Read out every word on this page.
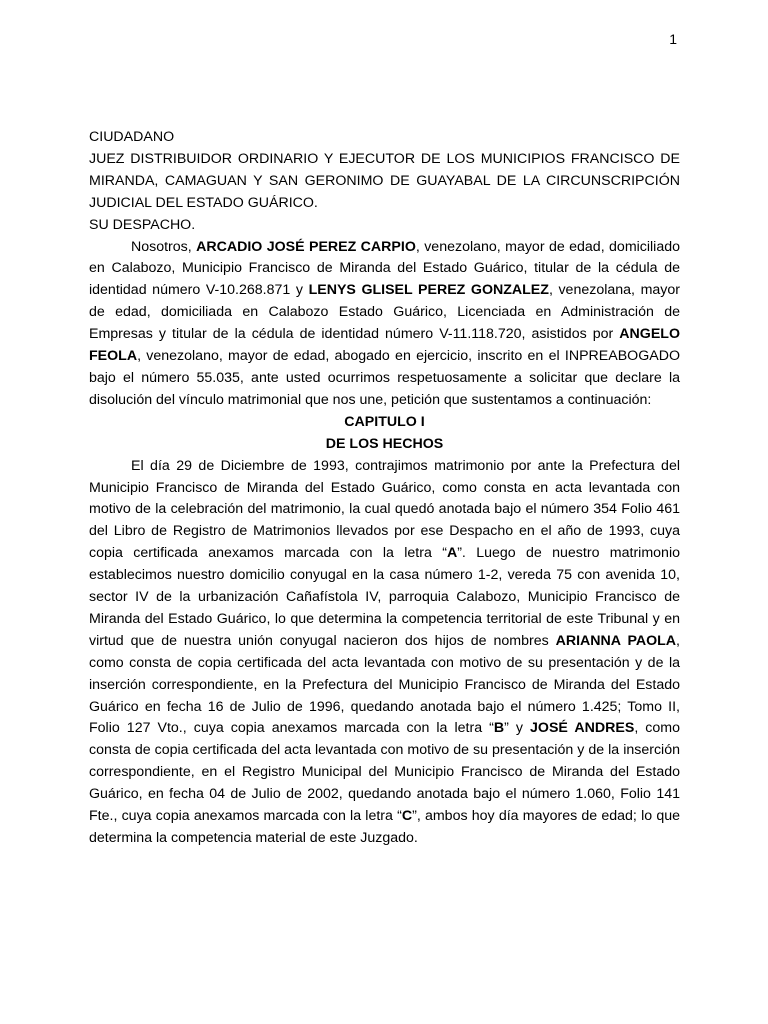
1

CIUDADANO

JUEZ DISTRIBUIDOR ORDINARIO Y EJECUTOR DE LOS MUNICIPIOS FRANCISCO DE MIRANDA, CAMAGUAN Y SAN GERONIMO DE GUAYABAL DE LA CIRCUNSCRIPCIÓN JUDICIAL DEL ESTADO GUÁRICO.

SU DESPACHO.

Nosotros, ARCADIO JOSÉ PEREZ CARPIO, venezolano, mayor de edad, domiciliado en Calabozo, Municipio Francisco de Miranda del Estado Guárico, titular de la cédula de identidad número V-10.268.871 y LENYS GLISEL PEREZ GONZALEZ, venezolana, mayor de edad, domiciliada en Calabozo Estado Guárico, Licenciada en Administración de Empresas y titular de la cédula de identidad número V-11.118.720, asistidos por ANGELO FEOLA, venezolano, mayor de edad, abogado en ejercicio, inscrito en el INPREABOGADO bajo el número 55.035, ante usted ocurrimos respetuosamente a solicitar que declare la disolución del vínculo matrimonial que nos une, petición que sustentamos a continuación:

CAPITULO I
DE LOS HECHOS

El día 29 de Diciembre de 1993, contrajimos matrimonio por ante la Prefectura del Municipio Francisco de Miranda del Estado Guárico, como consta en acta levantada con motivo de la celebración del matrimonio, la cual quedó anotada bajo el número 354 Folio 461 del Libro de Registro de Matrimonios llevados por ese Despacho en el año de 1993, cuya copia certificada anexamos marcada con la letra “A”. Luego de nuestro matrimonio establecimos nuestro domicilio conyugal en la casa número 1-2, vereda 75 con avenida 10, sector IV de la urbanización Cañafístola IV, parroquia Calabozo, Municipio Francisco de Miranda del Estado Guárico, lo que determina la competencia territorial de este Tribunal y en virtud que de nuestra unión conyugal nacieron dos hijos de nombres ARIANNA PAOLA, como consta de copia certificada del acta levantada con motivo de su presentación y de la inserción correspondiente, en la Prefectura del Municipio Francisco de Miranda del Estado Guárico en fecha 16 de Julio de 1996, quedando anotada bajo el número 1.425; Tomo II, Folio 127 Vto., cuya copia anexamos marcada con la letra “B” y JOSÉ ANDRES, como consta de copia certificada del acta levantada con motivo de su presentación y de la inserción correspondiente, en el Registro Municipal del Municipio Francisco de Miranda del Estado Guárico, en fecha 04 de Julio de 2002, quedando anotada bajo el número 1.060, Folio 141 Fte., cuya copia anexamos marcada con la letra “C”, ambos hoy día mayores de edad; lo que determina la competencia material de este Juzgado.
